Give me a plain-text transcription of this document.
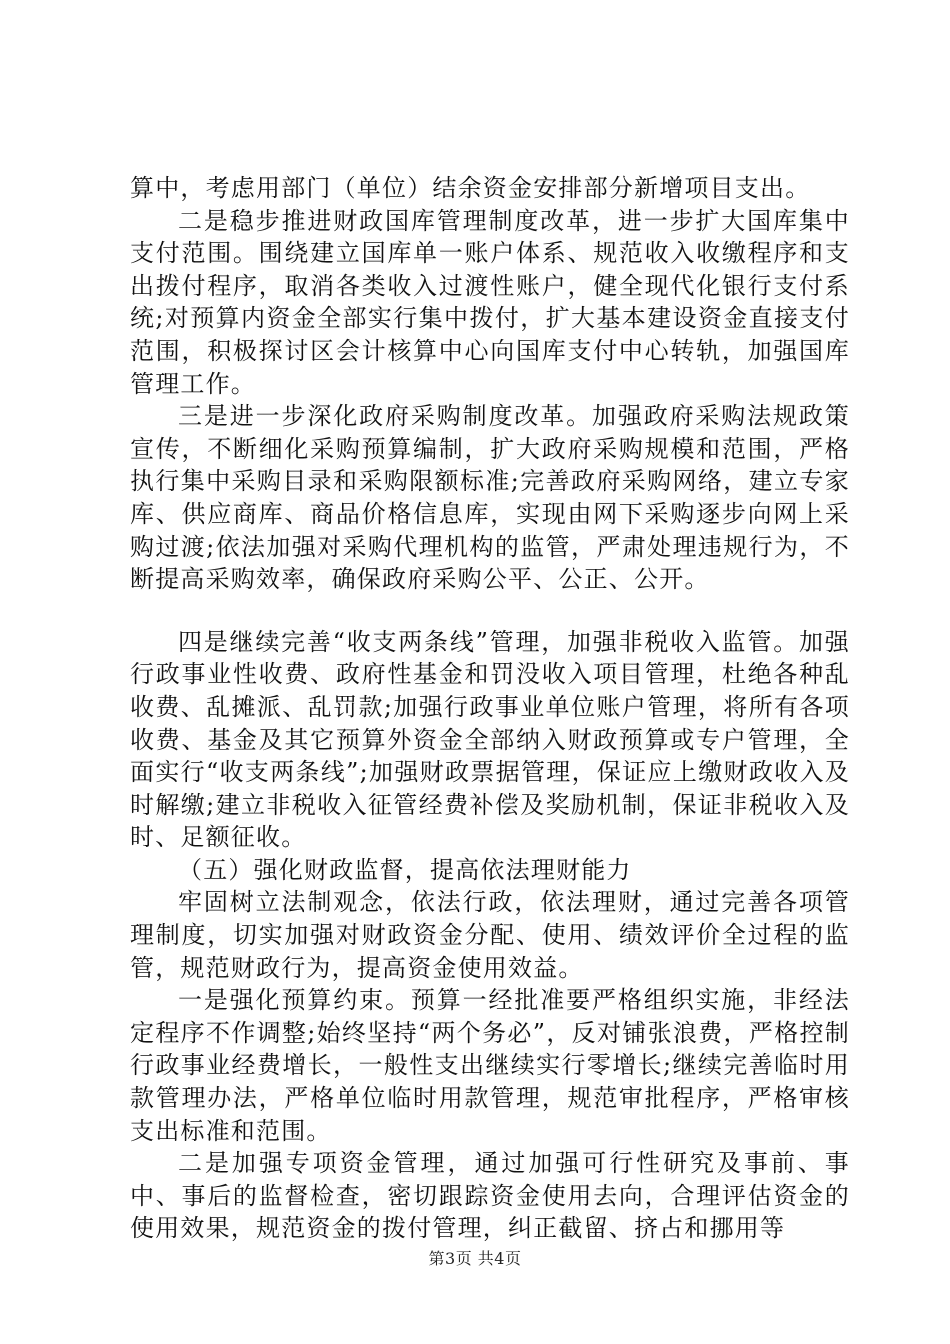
算中，考虑用部门（单位）结余资金安排部分新增项目支出。

二是稳步推进财政国库管理制度改革，进一步扩大国库集中支付范围。围绕建立国库单一账户体系、规范收入收缴程序和支出拨付程序，取消各类收入过渡性账户，健全现代化银行支付系统;对预算内资金全部实行集中拨付，扩大基本建设资金直接支付范围，积极探讨区会计核算中心向国库支付中心转轨，加强国库管理工作。

三是进一步深化政府采购制度改革。加强政府采购法规政策宣传，不断细化采购预算编制，扩大政府采购规模和范围，严格执行集中采购目录和采购限额标准;完善政府采购网络，建立专家库、供应商库、商品价格信息库，实现由网下采购逐步向网上采购过渡;依法加强对采购代理机构的监管，严肃处理违规行为，不断提高采购效率，确保政府采购公平、公正、公开。

四是继续完善“收支两条线”管理，加强非税收入监管。加强行政事业性收费、政府性基金和罚没收入项目管理，杜绝各种乱收费、乱摊派、乱罚款;加强行政事业单位账户管理，将所有各项收费、基金及其它预算外资金全部纳入财政预算或专户管理，全面实行“收支两条线”;加强财政票据管理，保证应上缴财政收入及时解缴;建立非税收入征管经费补偿及奖励机制，保证非税收入及时、足额征收。

（五）强化财政监督，提高依法理财能力

牢固树立法制观念，依法行政，依法理财，通过完善各项管理制度，切实加强对财政资金分配、使用、绩效评价全过程的监管，规范财政行为，提高资金使用效益。

一是强化预算约束。预算一经批准要严格组织实施，非经法定程序不作调整;始终坚持“两个务必”，反对铺张浪费，严格控制行政事业经费增长，一般性支出继续实行零增长;继续完善临时用款管理办法，严格单位临时用款管理，规范审批程序，严格审核支出标准和范围。

二是加强专项资金管理，通过加强可行性研究及事前、事中、事后的监督检查，密切跟踪资金使用去向，合理评估资金的使用效果，规范资金的拨付管理，纠正截留、挤占和挪用等

第3页 共4页
